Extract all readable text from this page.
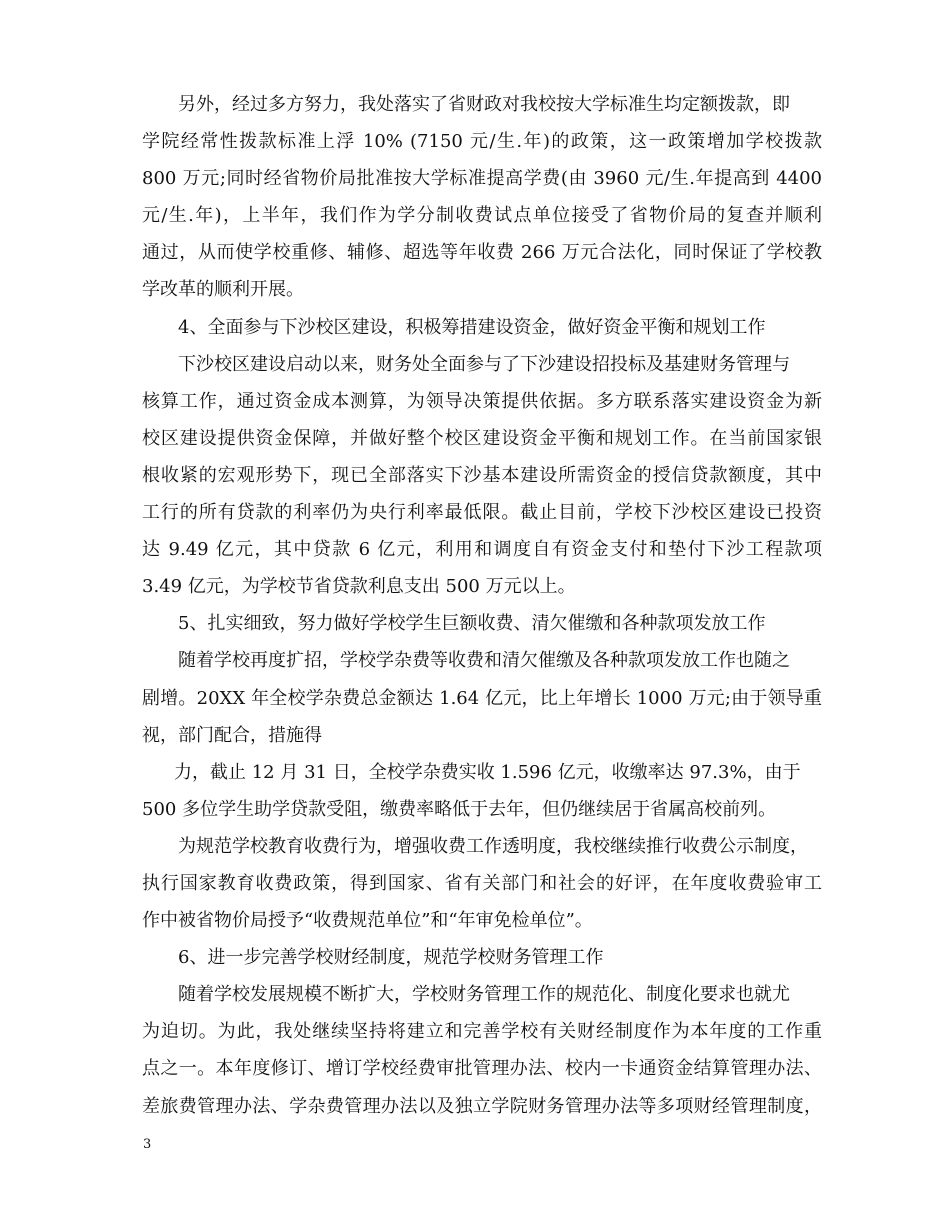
另外，经过多方努力，我处落实了省财政对我校按大学标准生均定额拨款，即
学院经常性拨款标准上浮 10% (7150 元/生.年)的政策，这一政策增加学校拨款
800 万元;同时经省物价局批准按大学标准提高学费(由 3960 元/生.年提高到 4400
元/生.年)，上半年，我们作为学分制收费试点单位接受了省物价局的复查并顺利
通过，从而使学校重修、辅修、超选等年收费 266 万元合法化，同时保证了学校教
学改革的顺利开展。
4、全面参与下沙校区建设，积极筹措建设资金，做好资金平衡和规划工作
下沙校区建设启动以来，财务处全面参与了下沙建设招投标及基建财务管理与
核算工作，通过资金成本测算，为领导决策提供依据。多方联系落实建设资金为新
校区建设提供资金保障，并做好整个校区建设资金平衡和规划工作。在当前国家银
根收紧的宏观形势下，现已全部落实下沙基本建设所需资金的授信贷款额度，其中
工行的所有贷款的利率仍为央行利率最低限。截止目前，学校下沙校区建设已投资
达 9.49 亿元，其中贷款 6 亿元，利用和调度自有资金支付和垫付下沙工程款项
3.49 亿元，为学校节省贷款利息支出 500 万元以上。
5、扎实细致，努力做好学校学生巨额收费、清欠催缴和各种款项发放工作
随着学校再度扩招，学校学杂费等收费和清欠催缴及各种款项发放工作也随之
剧增。20XX 年全校学杂费总金额达 1.64 亿元，比上年增长 1000 万元;由于领导重
视，部门配合，措施得
力，截止 12 月 31 日，全校学杂费实收 1.596 亿元，收缴率达 97.3%，由于
500 多位学生助学贷款受阻，缴费率略低于去年，但仍继续居于省属高校前列。
为规范学校教育收费行为，增强收费工作透明度，我校继续推行收费公示制度，
执行国家教育收费政策，得到国家、省有关部门和社会的好评，在年度收费验审工
作中被省物价局授予“收费规范单位”和“年审免检单位”。
6、进一步完善学校财经制度，规范学校财务管理工作
随着学校发展规模不断扩大，学校财务管理工作的规范化、制度化要求也就尤
为迫切。为此，我处继续坚持将建立和完善学校有关财经制度作为本年度的工作重
点之一。本年度修订、增订学校经费审批管理办法、校内一卡通资金结算管理办法、
差旅费管理办法、学杂费管理办法以及独立学院财务管理办法等多项财经管理制度，
3
